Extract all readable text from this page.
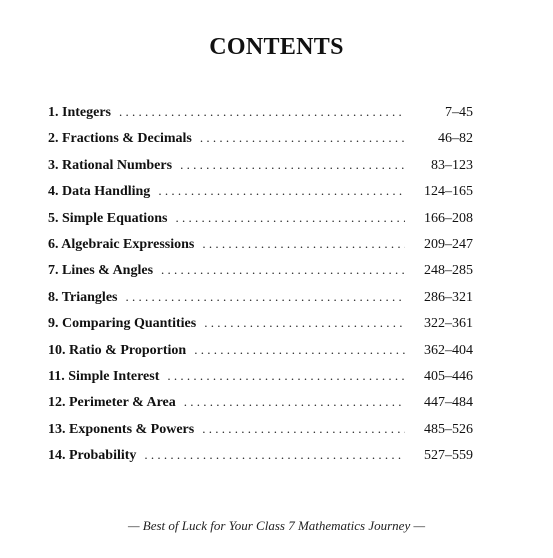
CONTENTS
1. Integers . . .	7–45
2. Fractions & Decimals . . .	46–82
3. Rational Numbers . . .	83–123
4. Data Handling . . .	124–165
5. Simple Equations . . .	166–208
6. Algebraic Expressions . . .	209–247
7. Lines & Angles . . .	248–285
8. Triangles . . .	286–321
9. Comparing Quantities . . .	322–361
10. Ratio & Proportion . . .	362–404
11. Simple Interest . . .	405–446
12. Perimeter & Area . . .	447–484
13. Exponents & Powers . . .	485–526
14. Probability . . .	527–559
— Best of Luck for Your Class 7 Mathematics Journey —
